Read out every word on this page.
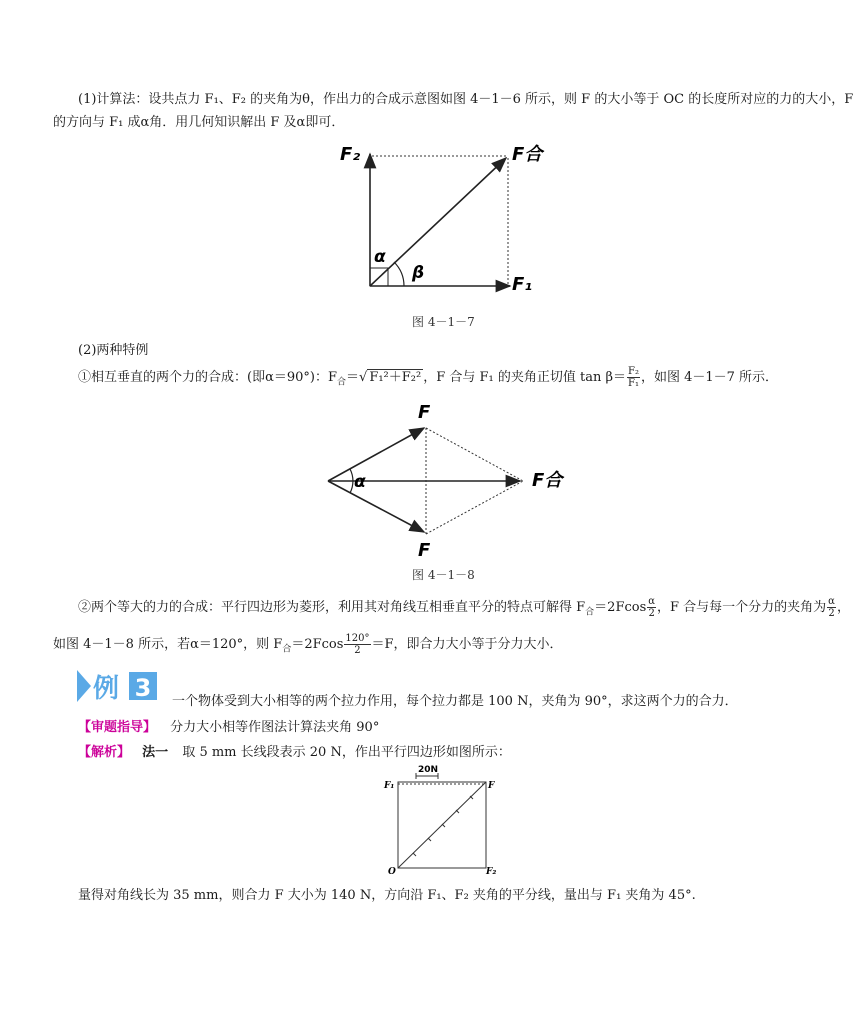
(1)计算法：设共点力 F₁、F₂ 的夹角为θ，作出力的合成示意图如图 4－1－6 所示，则 F 的大小等于 OC 的长度所对应的力的大小，F
的方向与 F₁ 成α角．用几何知识解出 F 及α即可．
F₂	F合
F₁
α
β
图 4－1－7
(2)两种特例
①相互垂直的两个力的合成：(即α＝90°)：$F_合=√$ F₁²＋F₂² ，F 合与 F₁ 的夹角正切值 $\tan \beta= \frac{\text{F₂}}{\text{F₁}}$ ，如图 4－1－7 所示．
F
F
F合
α
图 4－1－8
②两个等大的力的合成：平行四边形为菱形，利用其对角线互相垂直平分的特点可解得 $F_合=2Fcos \frac{\alpha}{2}$ ，F 合与每一个分力的夹角为 $\frac{\alpha}{2}$ ，
如图 4－1－8 所示，若α＝120°，则 $F_合=2Fcos \frac{120^\circ}{2} =F$，即合力大小等于分力大小．
例 3 一个物体受到大小相等的两个拉力作用，每个拉力都是 100 N，夹角为 90°，求这两个力的合力．
【审题指导】 分力大小相等作图法计算法夹角 90°
【解析】 法一 取 5 mm 长线段表示 20 N，作出平行四边形如图所示：
20N
F₁	F
O	F₂
量得对角线长为 35 mm，则合力 F 大小为 140 N，方向沿 F₁、F₂ 夹角的平分线，量出与 F₁ 夹角为 45°.
